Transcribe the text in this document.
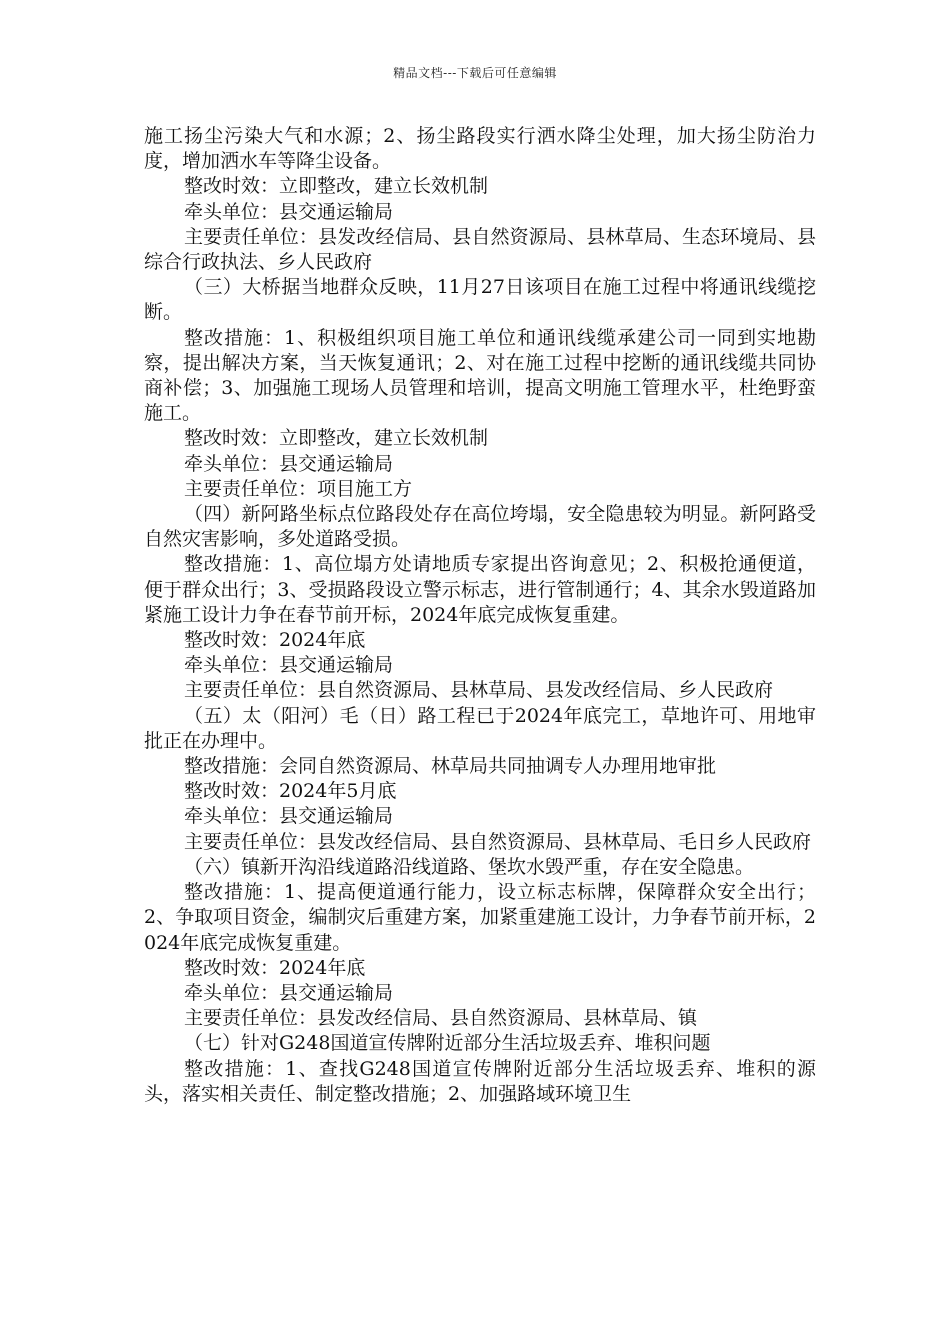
精品文档---下载后可任意编辑

施工扬尘污染大气和水源；2、扬尘路段实行洒水降尘处理，加大扬尘防治力度，增加洒水车等降尘设备。

整改时效：立即整改，建立长效机制

牵头单位：县交通运输局

主要责任单位：县发改经信局、县自然资源局、县林草局、生态环境局、县综合行政执法、乡人民政府

（三）大桥据当地群众反映，11月27日该项目在施工过程中将通讯线缆挖断。

整改措施：1、积极组织项目施工单位和通讯线缆承建公司一同到实地勘察，提出解决方案，当天恢复通讯；2、对在施工过程中挖断的通讯线缆共同协商补偿；3、加强施工现场人员管理和培训，提高文明施工管理水平，杜绝野蛮施工。

整改时效：立即整改，建立长效机制

牵头单位：县交通运输局

主要责任单位：项目施工方

（四）新阿路坐标点位路段处存在高位垮塌，安全隐患较为明显。新阿路受自然灾害影响，多处道路受损。

整改措施：1、高位塌方处请地质专家提出咨询意见；2、积极抢通便道，便于群众出行；3、受损路段设立警示标志，进行管制通行；4、其余水毁道路加紧施工设计力争在春节前开标，2024年底完成恢复重建。

整改时效：2024年底

牵头单位：县交通运输局

主要责任单位：县自然资源局、县林草局、县发改经信局、乡人民政府

（五）太（阳河）毛（日）路工程已于2024年底完工，草地许可、用地审批正在办理中。

整改措施：会同自然资源局、林草局共同抽调专人办理用地审批

整改时效：2024年5月底

牵头单位：县交通运输局

主要责任单位：县发改经信局、县自然资源局、县林草局、毛日乡人民政府

（六）镇新开沟沿线道路沿线道路、堡坎水毁严重，存在安全隐患。

整改措施：1、提高便道通行能力，设立标志标牌，保障群众安全出行；2、争取项目资金，编制灾后重建方案，加紧重建施工设计，力争春节前开标，2024年底完成恢复重建。

整改时效：2024年底

牵头单位：县交通运输局

主要责任单位：县发改经信局、县自然资源局、县林草局、镇

（七）针对G248国道宣传牌附近部分生活垃圾丢弃、堆积问题

整改措施：1、查找G248国道宣传牌附近部分生活垃圾丢弃、堆积的源头，落实相关责任、制定整改措施；2、加强路域环境卫生
